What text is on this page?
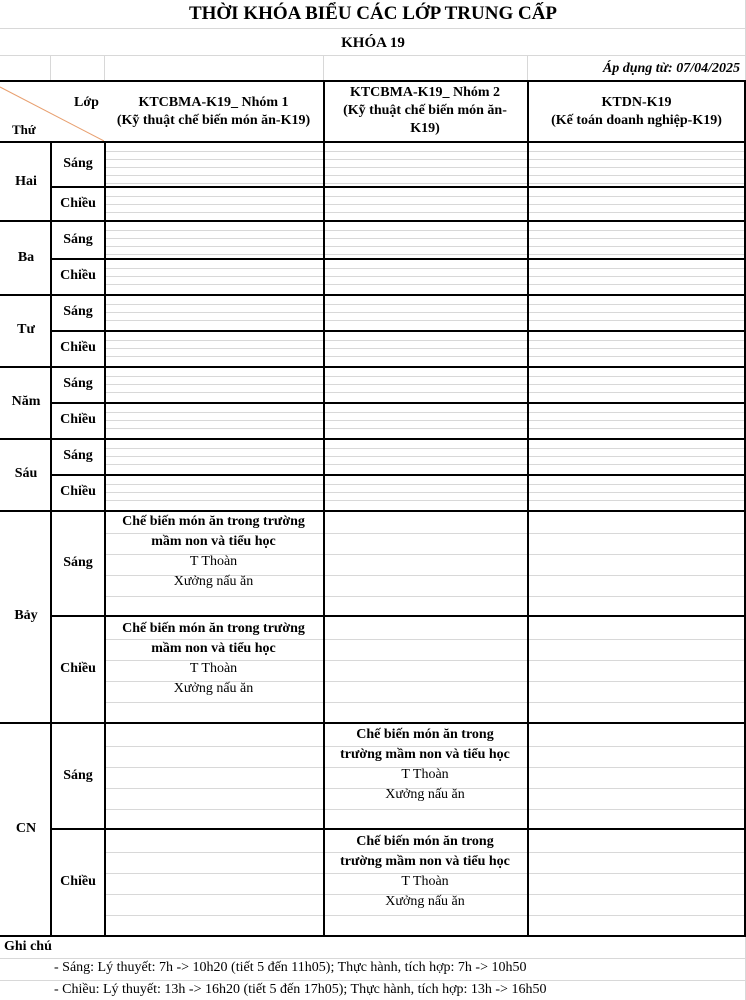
THỜI KHÓA BIỂU CÁC LỚP TRUNG CẤP
KHÓA 19
Áp dụng từ: 07/04/2025
Lớp
Thứ
KTCBMA-K19_ Nhóm 1
(Kỹ thuật chế biến món ăn-K19)
KTCBMA-K19_ Nhóm 2
(Kỹ thuật chế biến món ăn-
K19)
KTDN-K19
(Kế toán doanh nghiệp-K19)
Hai
Ba
Tư
Năm
Sáu
Bảy
CN
Sáng
Chiều
Sáng
Chiều
Sáng
Chiều
Sáng
Chiều
Sáng
Chiều
Sáng
Chiều
Sáng
Chiều
Chế biến món ăn trong trường
mầm non và tiểu học
T Thoàn
Xưởng nấu ăn
Chế biến món ăn trong trường
mầm non và tiểu học
T Thoàn
Xưởng nấu ăn
Chế biến món ăn trong
trường mầm non và tiểu học
T Thoàn
Xưởng nấu ăn
Chế biến món ăn trong
trường mầm non và tiểu học
T Thoàn
Xưởng nấu ăn
Ghi chú
- Sáng: Lý thuyết: 7h -> 10h20 (tiết 5 đến 11h05); Thực hành, tích hợp: 7h -> 10h50
- Chiều: Lý thuyết: 13h -> 16h20 (tiết 5 đến 17h05); Thực hành, tích hợp: 13h -> 16h50
